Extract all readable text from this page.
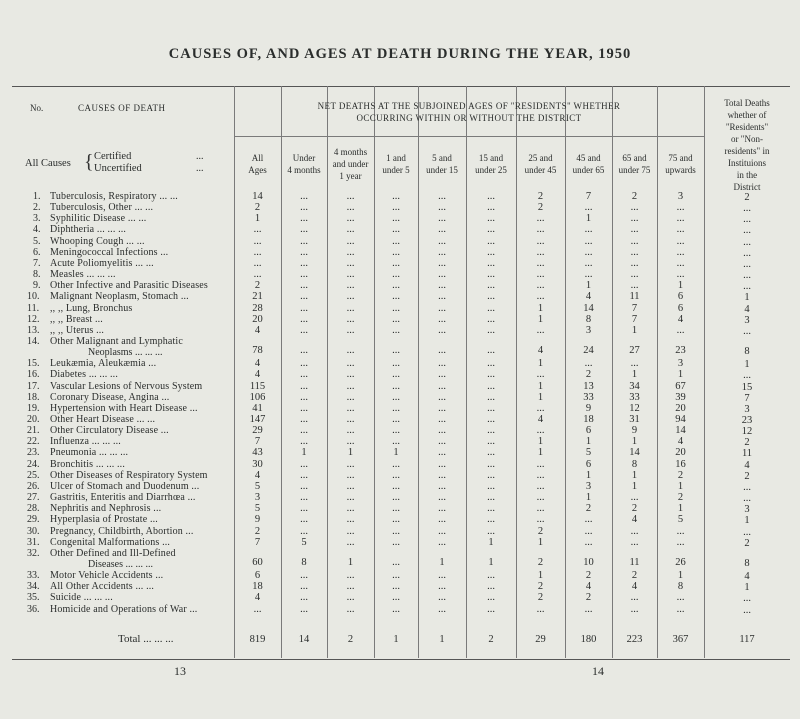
CAUSES OF, AND AGES AT DEATH DURING THE YEAR, 1950
No.	CAUSES OF DEATH	NET DEATHS AT THE SUBJOINED AGES OF "RESIDENTS" WHETHER
OCCURRING WITHIN OR WITHOUT THE DISTRICT
Total Deaths
whether of
"Residents"
or "Non-
residents" in
Instituions
in the
District
All Causes { Certified
Uncertified
...
...
All
Ages
Under
4 months
4 months
and under
1 year
1 and
under 5
5 and
under 15
15 and
under 25
25 and
under 45
45 and
under 65
65 and
under 75
75 and
upwards
1. Tuberculosis, Respiratory ... ...	14	...	...	...	...	...	2	7	2	3	2
2. Tuberculosis, Other ... ...	2	...	...	...	...	...	2	...	...	...	...
3. Syphilitic Disease ... ...	1	...	...	...	...	...	...	1	...	...	...
4. Diphtheria ... ... ...	...	...	...	...	...	...	...	...	...	...	...
5. Whooping Cough ... ...	...	...	...	...	...	...	...	...	...	...	...
6. Meningococcal Infections ...	...	...	...	...	...	...	...	...	...	...	...
7. Acute Poliomyelitis ... ...	...	...	...	...	...	...	...	...	...	...	...
8. Measles ... ... ...	...	...	...	...	...	...	...	...	...	...	...
9. Other Infective and Parasitic Diseases	2	...	...	...	...	...	...	1	...	1	...
10. Malignant Neoplasm, Stomach ...	21	...	...	...	...	...	...	4	11	6	1
11. ,, ,, Lung, Bronchus	28	...	...	...	...	...	1	14	7	6	4
12. ,, ,, Breast ...	20	...	...	...	...	...	1	8	7	4	3
13. ,, ,, Uterus ...	4	...	...	...	...	...	...	3	1	...	...
14. Other Malignant and Lymphatic
Neoplasms ... ... ...	78	...	...	...	...	...	4	24	27	23	8
15. Leukæmia, Aleukæmia ...	4	...	...	...	...	...	1	...	...	3	1
16. Diabetes ... ... ...	4	...	...	...	...	...	...	2	1	1	...
17. Vascular Lesions of Nervous System	115	...	...	...	...	...	1	13	34	67	15
18. Coronary Disease, Angina ...	106	...	...	...	...	...	1	33	33	39	7
19. Hypertension with Heart Disease ...	41	...	...	...	...	...	...	9	12	20	3
20. Other Heart Disease ... ...	147	...	...	...	...	...	4	18	31	94	23
21. Other Circulatory Disease ...	29	...	...	...	...	...	...	6	9	14	12
22. Influenza ... ... ...	7	...	...	...	...	...	1	1	1	4	2
23. Pneumonia ... ... ...	43	1	1	1	...	...	1	5	14	20	11
24. Bronchitis ... ... ...	30	...	...	...	...	...	...	6	8	16	4
25. Other Diseases of Respiratory System	4	...	...	...	...	...	...	1	1	2	2
26. Ulcer of Stomach and Duodenum ...	5	...	...	...	...	...	...	3	1	1	...
27. Gastritis, Enteritis and Diarrhœa ...	3	...	...	...	...	...	...	1	...	2	...
28. Nephritis and Nephrosis ...	5	...	...	...	...	...	...	2	2	1	3
29. Hyperplasia of Prostate ...	9	...	...	...	...	...	...	...	4	5	1
30. Pregnancy, Childbirth, Abortion ...	2	...	...	...	...	...	2	...	...	...	...
31. Congenital Malformations ...	7	5	...	...	...	1	1	...	...	...	2
32. Other Defined and Ill-Defined
Diseases ... ... ...	60	8	1	...	1	1	2	10	11	26	8
33. Motor Vehicle Accidents ...	6	...	...	...	...	...	1	2	2	1	4
34. All Other Accidents ... ...	18	...	...	...	...	...	2	4	4	8	1
35. Suicide ... ... ...	4	...	...	...	...	...	2	2	...	...	...
36. Homicide and Operations of War ...	...	...	...	...	...	...	...	...	...	...	...
Total ... ... ...	819	14	2	1	1	2	29	180	223	367	117
13	14
